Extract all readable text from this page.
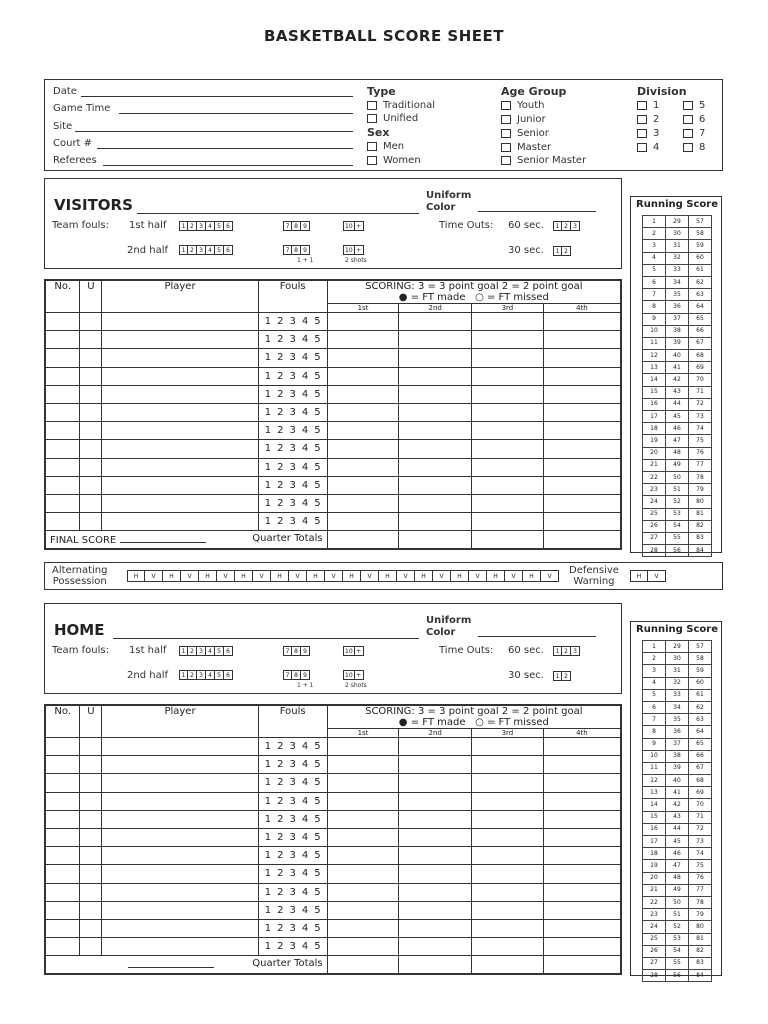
BASKETBALL SCORE SHEET
Date
Game Time
Site
Court #
Referees
Type
Traditional
Unified
Sex
Men
Women
Age Group
Youth
Junior
Senior
Master
Senior Master
Division
1
2
3
4
5
6
7
8
VISITORS
Uniform
Color
Team fouls: 1st half	1 2 3 4 5 6	7 8 9	10 +	Time Outs: 60 sec.	1 2 3
2nd half	1 2 3 4 5 6	7 8 9	10 +
1 + 1	2 shots
30 sec.	1 2
No.	U	Player	Fouls	SCORING: 3 = 3 point goal 2 = 2 point goal
● = FT made ○ = FT missed			

				1st	2nd	3rd	4th

			1 2 3 4 5				

			1 2 3 4 5				

			1 2 3 4 5				

			1 2 3 4 5				

			1 2 3 4 5				

			1 2 3 4 5				

			1 2 3 4 5				

			1 2 3 4 5				

			1 2 3 4 5				

			1 2 3 4 5				

			1 2 3 4 5				

			1 2 3 4 5				

FINAL SCORE Quarter Totals							

Running Score
1	29	57
2	30	58
3	31	59
4	32	60
5	33	61
6	34	62
7	35	63
8	36	64
9	37	65
10	38	66
11	39	67
12	40	68
13	41	69
14	42	70
15	43	71
16	44	72
17	45	73
18	46	74
19	47	75
20	48	76
21	49	77
22	50	78
23	51	79
24	52	80
25	53	81
26	54	82
27	55	83
28	56	84
HOME
Uniform
Color
Team fouls: 1st half	1 2 3 4 5 6	7 8 9	10 +	Time Outs: 60 sec.	1 2 3
2nd half	1 2 3 4 5 6	7 8 9	10 +
1 + 1	2 shots
30 sec.	1 2
No.	U	Player	Fouls	SCORING: 3 = 3 point goal 2 = 2 point goal
● = FT made ○ = FT missed			

				1st	2nd	3rd	4th

			1 2 3 4 5				

			1 2 3 4 5				

			1 2 3 4 5				

			1 2 3 4 5				

			1 2 3 4 5				

			1 2 3 4 5				

			1 2 3 4 5				

			1 2 3 4 5				

			1 2 3 4 5				

			1 2 3 4 5				

			1 2 3 4 5				

			1 2 3 4 5				

Quarter Totals							

Running Score
1	29	57
2	30	58
3	31	59
4	32	60
5	33	61
6	34	62
7	35	63
8	36	64
9	37	65
10	38	66
11	39	67
12	40	68
13	41	69
14	42	70
15	43	71
16	44	72
17	45	73
18	46	74
19	47	75
20	48	76
21	49	77
22	50	78
23	51	79
24	52	80
25	53	81
26	54	82
27	55	83
28	56	84
Alternating
Possession	H	V	H	V	H	V	H	V	H	V	H	V	H	V	H	V	H	V	H	V	H	V	H	V
Defensive
Warning	H	V
